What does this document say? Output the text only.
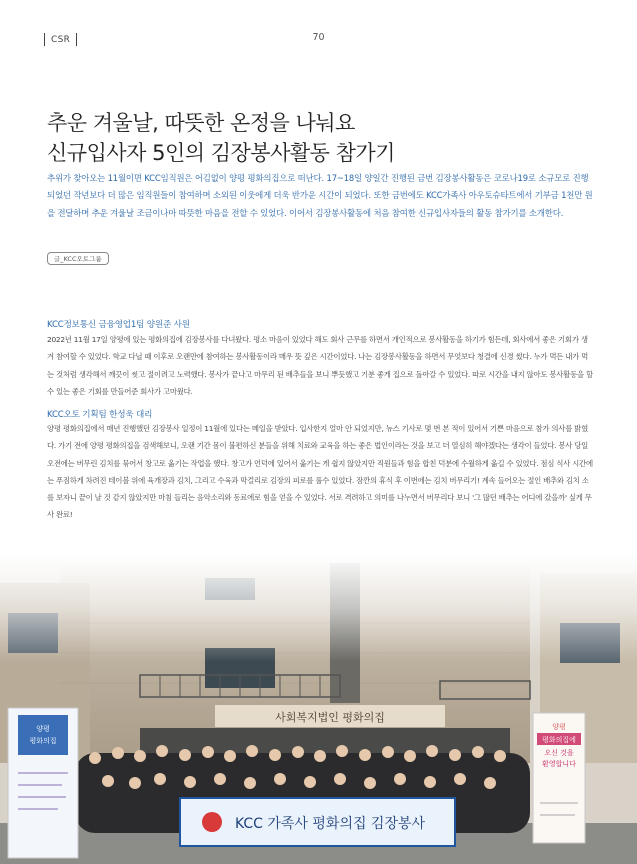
CSR	70
추운 겨울날, 따뜻한 온정을 나눠요
신규입사자 5인의 김장봉사활동 참가기
추위가 찾아오는 11월이면 KCC임직원은 어김없이 양평 평화의집으로 떠난다. 17~18일 양일간 진행된 금번 김장봉사활동은 코로나19로 소규모로 진행되었던 작년보다 더 많은 임직원들이 참여하며 소외된 이웃에게 더욱 반가운 시간이 되었다. 또한 금번에도 KCC가족사 아우토슈타트에서 기부금 1천만 원을 전달하며 추운 겨울날 조금이나마 따뜻한 마음을 전할 수 있었다. 이어서 김장봉사활동에 처음 참여한 신규입사자들의 활동 참가기를 소개한다.
글_KCC오토그룹
KCC정보통신 금융영업1팀 양원준 사원
2022년 11월 17일 양평에 있는 평화의집에 김장봉사를 다녀왔다. 평소 마음이 있었다 해도 회사 근무를 하면서 개인적으로 봉사활동을 하기가 힘든데, 회사에서 좋은 기회가 생겨 참여할 수 있었다. 학교 다닐 때 이후로 오랜만에 참여하는 봉사활동이라 매우 뜻 깊은 시간이었다. 나는 김장봉사활동을 하면서 무엇보다 청결에 신경 썼다. 누가 먹든 내가 먹는 것처럼 생각해서 깨끗이 씻고 절이려고 노력했다. 봉사가 끝나고 마무리 된 배추들을 보니 뿌듯했고 기분 좋게 집으로 돌아갈 수 있었다. 따로 시간을 내지 않아도 봉사활동을 할 수 있는 좋은 기회를 만들어준 회사가 고마웠다.
KCC오토 기획팀 한성욱 대리
양평 평화의집에서 매년 진행했던 김장봉사 일정이 11월에 있다는 메일을 받았다. 입사한지 얼마 안 되었지만, 뉴스 기사로 몇 번 본 적이 있어서 기쁜 마음으로 참가 의사를 밝혔다. 가기 전에 양평 평화의집을 검색해보니, 오랜 기간 몸이 불편하신 분들을 위해 치료와 교육을 하는 좋은 법인이라는 것을 보고 더 열심히 해야겠다는 생각이 들었다. 봉사 당일 오전에는 버무린 김치를 묶어서 창고로 옮기는 작업을 했다. 창고가 언덕에 있어서 옮기는 게 쉽지 않았지만 직원들과 힘을 합친 덕분에 수월하게 옮길 수 있었다. 점심 식사 시간에는 푸짐하게 차려진 테이블 위에 육개장과 김치, 그리고 수육과 막걸리로 김장의 피로를 풀수 있었다. 잠깐의 휴식 후 이번에는 김치 버무리기! 계속 들어오는 절인 배추와 김치 소를 보자니 끝이 날 것 같지 않았지만 마침 들리는 음악소리와 동료에로 힘을 얻을 수 있었다. 서로 격려하고 의미를 나누면서 버무리다 보니 '그 많던 배추는 어디에 갔을까' 싶게 무사 완료!
